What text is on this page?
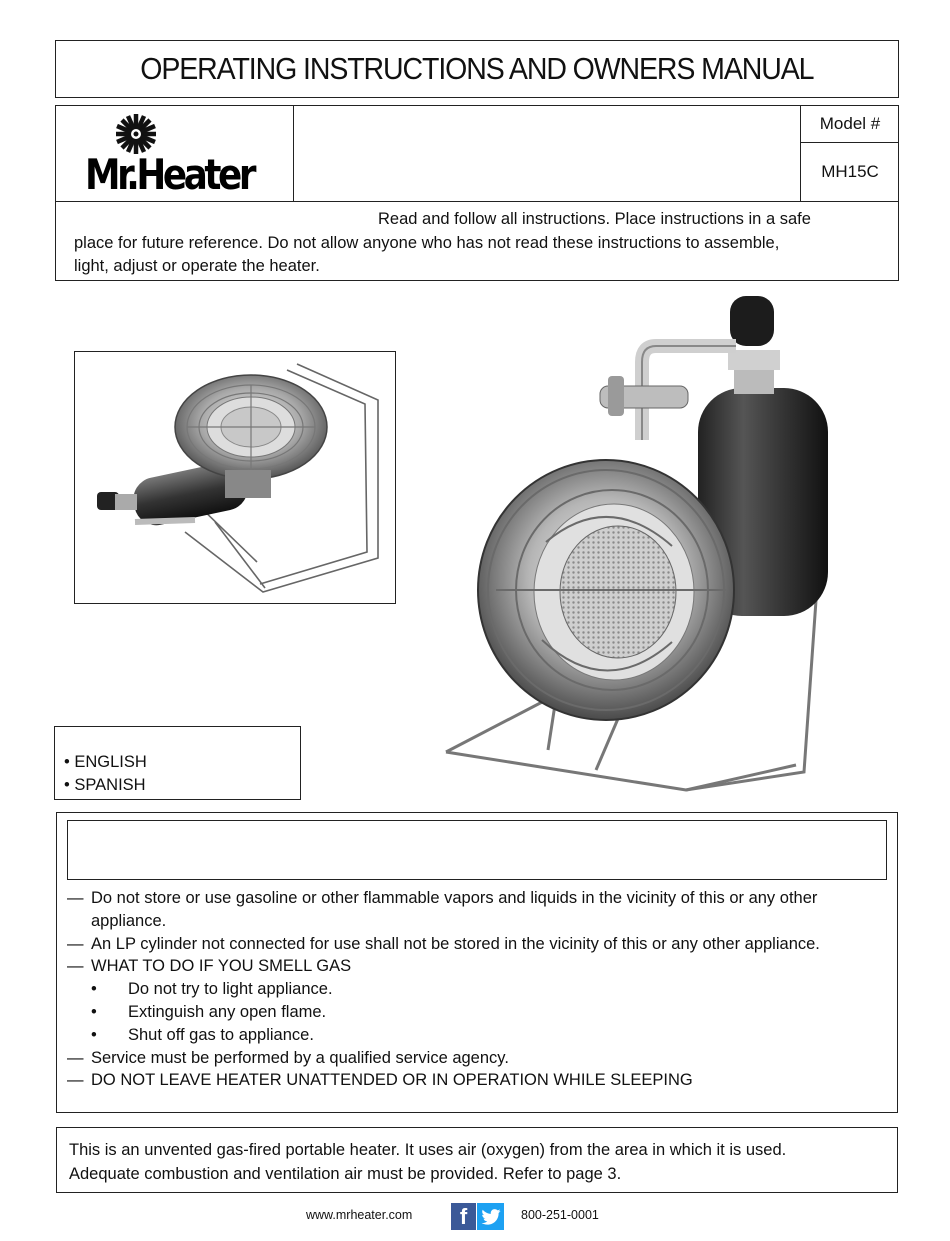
OPERATING INSTRUCTIONS AND OWNERS MANUAL
Mr.Heater
Model #
MH15C
Read and follow all instructions. Place instructions in a safe
place for future reference. Do not allow anyone who has not read these instructions to assemble,
light, adjust or operate the heater.
• ENGLISH
• SPANISH
— Do not store or use gasoline or other flammable vapors and liquids in the vicinity of this or any other appliance.
— An LP cylinder not connected for use shall not be stored in the vicinity of this or any other appliance.
— WHAT TO DO IF YOU SMELL GAS
• Do not try to light appliance.
• Extinguish any open flame.
• Shut off gas to appliance.
— Service must be performed by a qualified service agency.
— DO NOT LEAVE HEATER UNATTENDED OR IN OPERATION WHILE SLEEPING
This is an unvented gas-fired portable heater. It uses air (oxygen) from the area in which it is used.
Adequate combustion and ventilation air must be provided. Refer to page 3.
www.mrheater.com	f	800-251-0001
